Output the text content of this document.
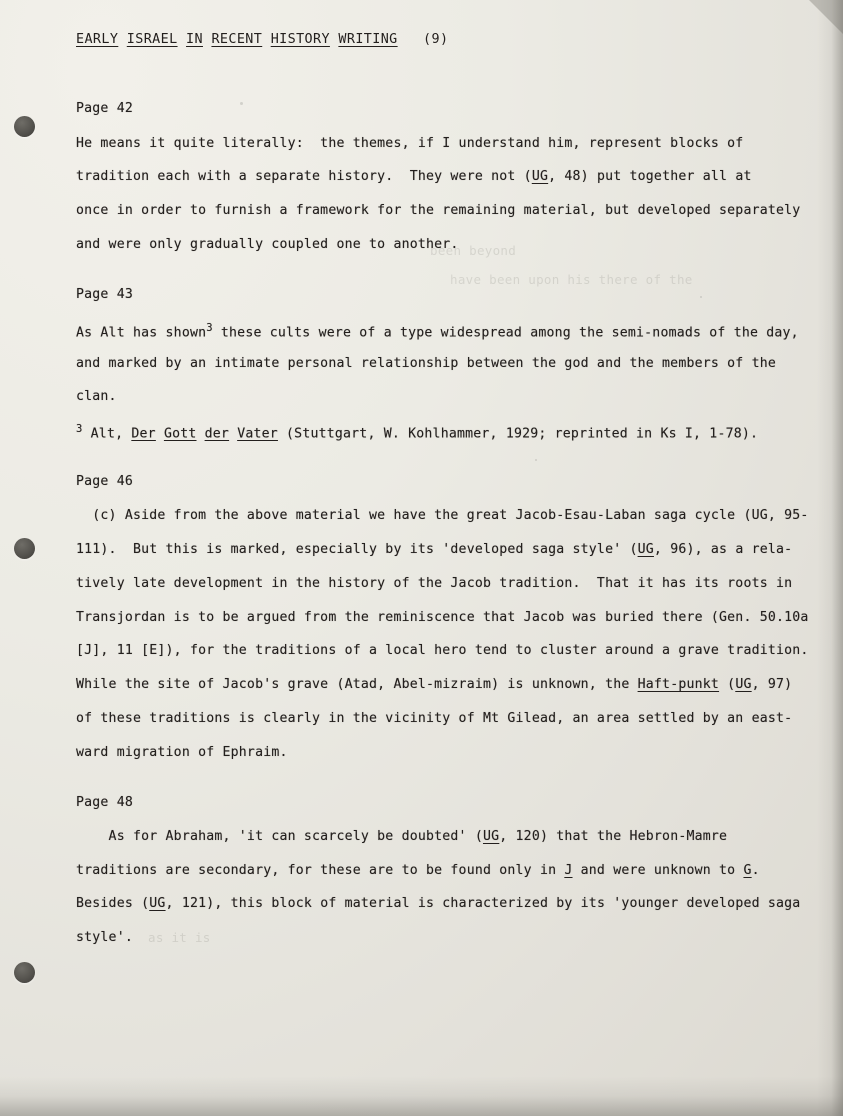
EARLY ISRAEL IN RECENT HISTORY WRITING (9)
Page 42
He means it quite literally:  the themes, if I understand him, represent blocks of
tradition each with a separate history.  They were not (UG, 48) put together all at
once in order to furnish a framework for the remaining material, but developed separately
and were only gradually coupled one to another.
Page 43
As Alt has shown$^3$ these cults were of a type widespread among the semi-nomads of the day,
and marked by an intimate personal relationship between the god and the members of the
clan.
$^3$ Alt, Der Gott der Vater (Stuttgart, W. Kohlhammer, 1929; reprinted in Ks I, 1-78).
Page 46
(c) Aside from the above material we have the great Jacob-Esau-Laban saga cycle (UG, 95-
111).  But this is marked, especially by its 'developed saga style' (UG, 96), as a rela-
tively late development in the history of the Jacob tradition.  That it has its roots in
Transjordan is to be argued from the reminiscence that Jacob was buried there (Gen. 50.10a
[J], 11 [E]), for the traditions of a local hero tend to cluster around a grave tradition.
While the site of Jacob's grave (Atad, Abel-mizraim) is unknown, the Haft-punkt (UG, 97)
of these traditions is clearly in the vicinity of Mt Gilead, an area settled by an east-
ward migration of Ephraim.
Page 48
As for Abraham, 'it can scarcely be doubted' (UG, 120) that the Hebron-Mamre
traditions are secondary, for these are to be found only in J and were unknown to G.
Besides (UG, 121), this block of material is characterized by its 'younger developed saga
style'.
been beyond
have been upon his there of the
as it is
